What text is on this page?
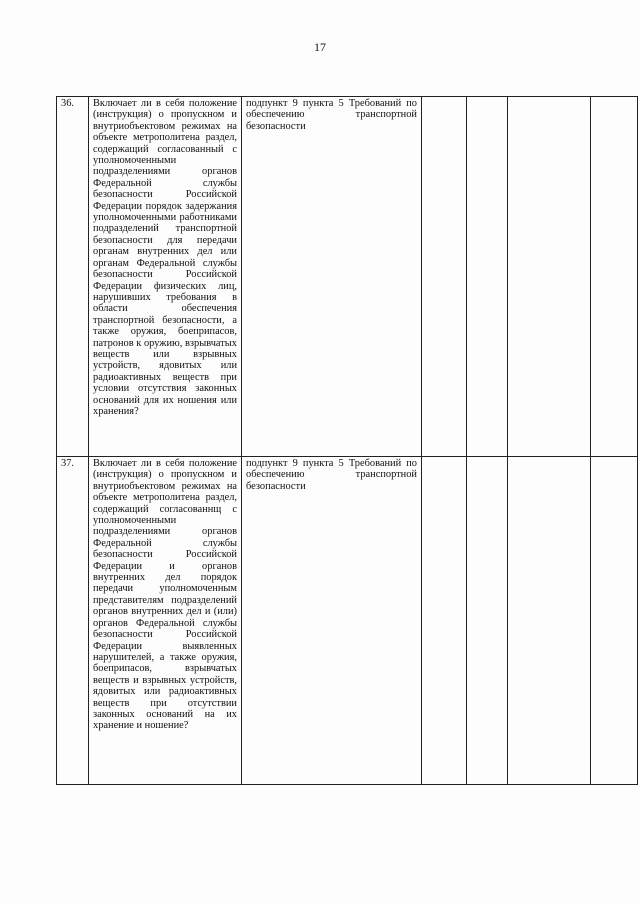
17
36.	Включает ли в себя положение (инструкция) о пропускном и внутриобъектовом режимах на объекте метрополитена раздел, содержащий согласованный с уполномоченными подразделениями органов Федеральной службы безопасности Российской Федерации порядок задержания уполномоченными работниками подразделений транспортной безопасности для передачи органам внутренних дел или органам Федеральной службы безопасности Российской Федерации физических лиц, нарушивших требования в области обеспечения транспортной безопасности, а также оружия, боеприпасов, патронов к оружию, взрывчатых веществ или взрывных устройств, ядовитых или радиоактивных веществ при условии отсутствия законных оснований для их ношения или хранения?	подпункт 9 пункта 5 Требований по обеспечению транспортной безопасности				
37.	Включает ли в себя положение (инструкция) о пропускном и внутриобъектовом режимах на объекте метрополитена раздел, содержащий согласованнщ с уполномоченными подразделениями органов Федеральной службы безопасности Российской Федерации и органов внутренних дел порядок передачи уполномоченным представителям подразделений органов внутренних дел и (или) органов Федеральной службы безопасности Российской Федерации выявленных нарушителей, а также оружия, боеприпасов, взрывчатых веществ и взрывных устройств, ядовитых или радиоактивных веществ при отсутствии законных оснований на их хранение и ношение?	подпункт 9 пункта 5 Требований по обеспечению транспортной безопасности				
